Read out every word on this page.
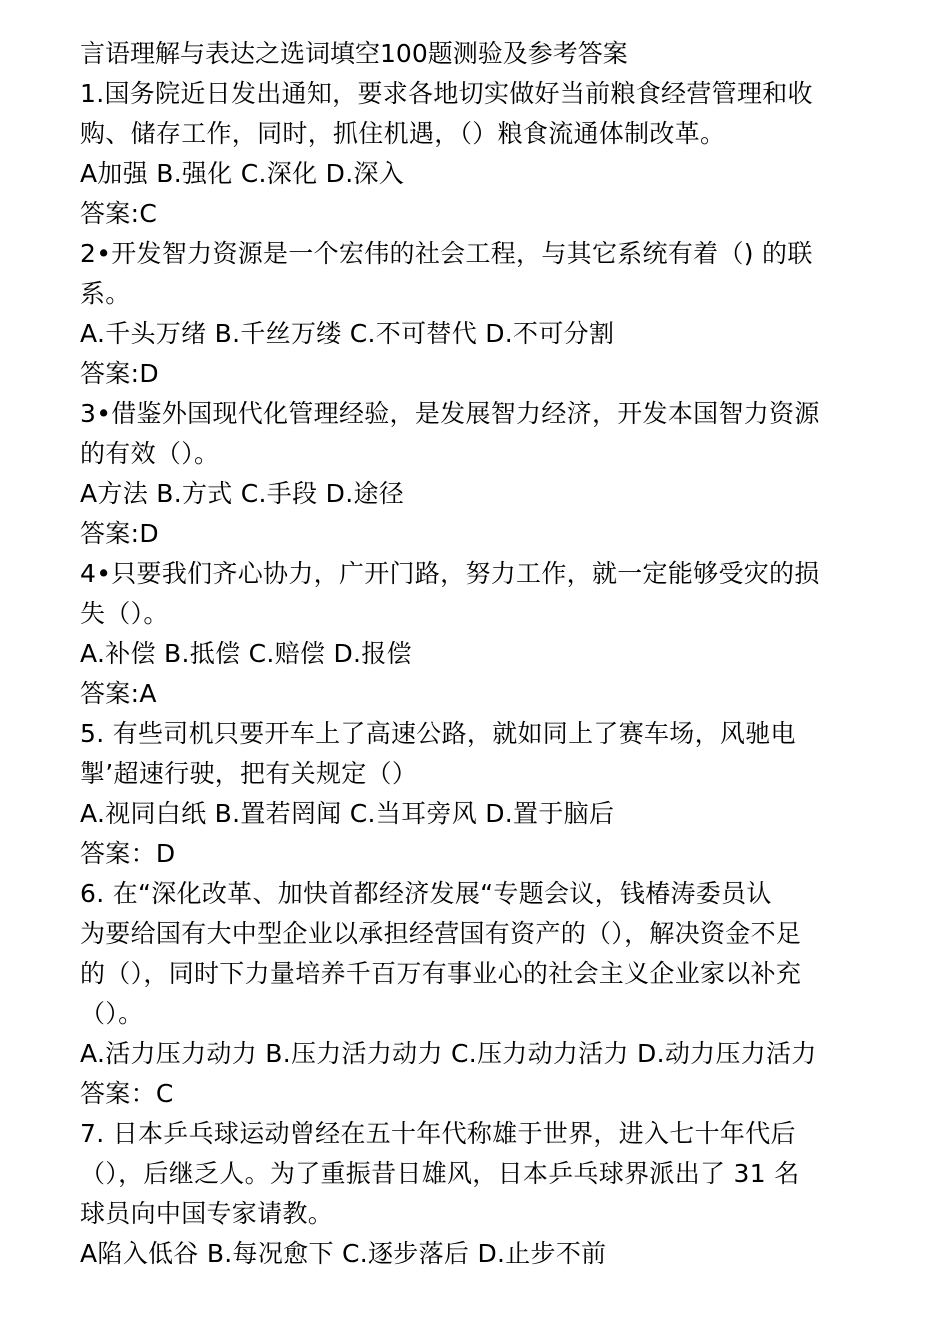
言语理解与表达之选词填空100题测验及参考答案
1.国务院近日发出通知，要求各地切实做好当前粮食经营管理和收
购、储存工作，同时，抓住机遇，（）粮食流通体制改革。
A加强 B.强化 C.深化 D.深入
答案:C
2•开发智力资源是一个宏伟的社会工程，与其它系统有着（) 的联
系。
A.千头万绪 B.千丝万缕 C.不可替代 D.不可分割
答案:D
3•借鉴外国现代化管理经验，是发展智力经济，开发本国智力资源
的有效（）。
A方法 B.方式 C.手段 D.途径
答案:D
4•只要我们齐心协力，广开门路，努力工作，就一定能够受灾的损
失（）。
A.补偿 B.抵偿 C.赔偿 D.报偿
答案:A
5. 有些司机只要开车上了高速公路，就如同上了赛车场，风驰电
掣’超速行驶，把有关规定（）
A.视同白纸 B.置若罔闻 C.当耳旁风 D.置于脑后
答案：D
6. 在“深化改革、加快首都经济发展“专题会议，钱椿涛委员认
为要给国有大中型企业以承担经营国有资产的（），解决资金不足
的（），同时下力量培养千百万有事业心的社会主义企业家以补充
（）。
A.活力压力动力 B.压力活力动力 C.压力动力活力 D.动力压力活力
答案：C
7. 日本乒乓球运动曾经在五十年代称雄于世界，进入七十年代后
（），后继乏人。为了重振昔日雄风，日本乒乓球界派出了 31 名
球员向中国专家请教。
A陷入低谷 B.每况愈下 C.逐步落后 D.止步不前
